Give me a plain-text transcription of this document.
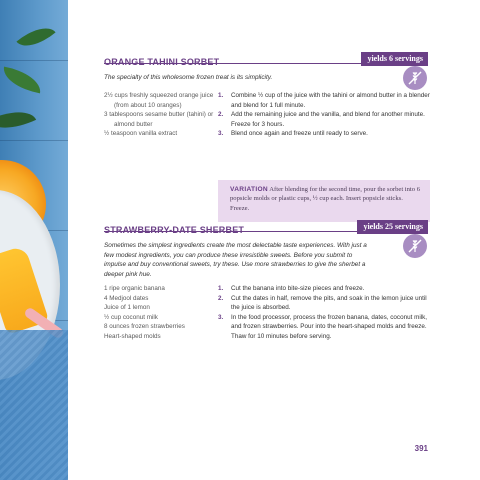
yields 6 servings
ORANGE TAHINI SORBET

The specialty of this wholesome frozen treat is its simplicity.

2½ cups freshly squeezed orange juice (from about 10 oranges)
3 tablespoons sesame butter (tahini) or almond butter
½ teaspoon vanilla extract
1. Combine ½ cup of the juice with the tahini or almond butter in a blender and blend for 1 full minute.
2. Add the remaining juice and the vanilla, and blend for another minute. Freeze for 3 hours.
3. Blend once again and freeze until ready to serve.
VARIATION After blending for the second time, pour the sorbet into 6 popsicle molds or plastic cups, ½ cup each. Insert popsicle sticks. Freeze.
yields 25 servings
STRAWBERRY-DATE SHERBET

Sometimes the simplest ingredients create the most delectable taste experiences. With just a few modest ingredients, you can produce these irresistible sweets. Before you submit to impulse and buy conventional sweets, try these. Use more strawberries to give the sherbet a deeper pink hue.

1 ripe organic banana
4 Medjool dates
Juice of 1 lemon
½ cup coconut milk
8 ounces frozen strawberries
Heart-shaped molds
1. Cut the banana into bite-size pieces and freeze.
2. Cut the dates in half, remove the pits, and soak in the lemon juice until the juice is absorbed.
3. In the food processor, process the frozen banana, dates, coconut milk, and frozen strawberries. Pour into the heart-shaped molds and freeze. Thaw for 10 minutes before serving.
391
